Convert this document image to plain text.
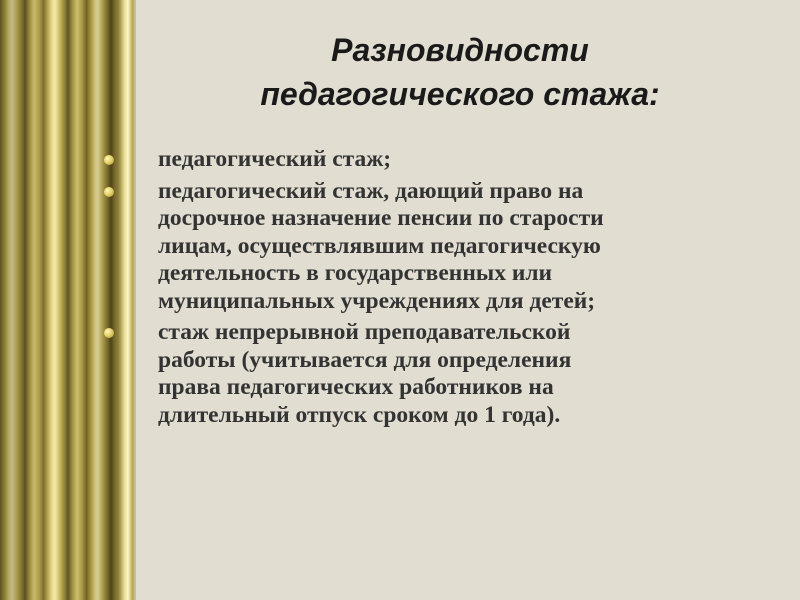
Разновидности
педагогического стажа:
педагогический стаж;
педагогический стаж, дающий право на
досрочное назначение пенсии по старости
лицам, осуществлявшим педагогическую
деятельность в государственных или
муниципальных учреждениях для детей;
стаж непрерывной преподавательской
работы (учитывается для определения
права педагогических работников на
длительный отпуск сроком до 1 года).
